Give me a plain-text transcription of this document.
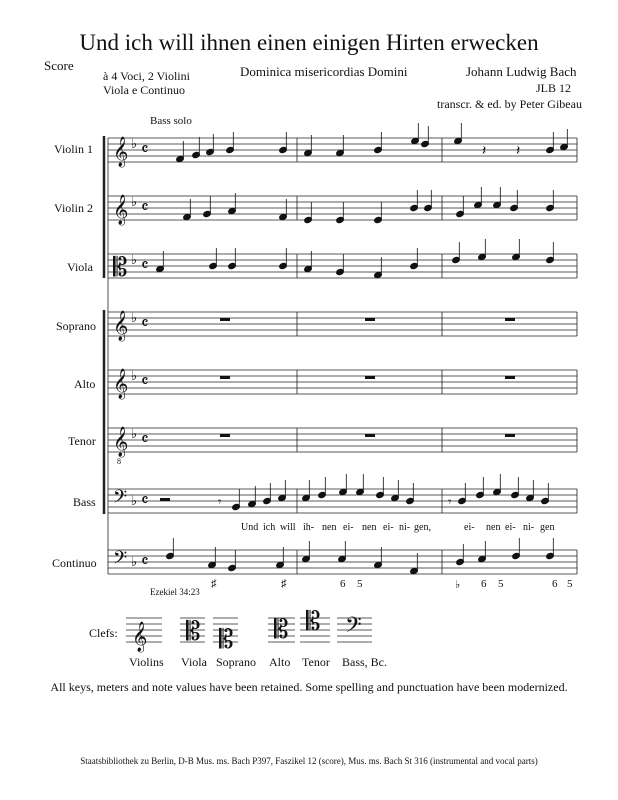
Und ich will ihnen einen einigen Hirten erwecken
Score
à 4 Voci, 2 Violini
Viola e Continuo
Dominica misericordias Domini	Johann Ludwig Bach
JLB 12
transcr. & ed. by Peter Gibeau
Violin 1
Violin 2
Viola
Soprano
Alto
Tenor
Bass
Continuo
Bass solo
𝄞 ♭ 𝄴
𝄞 ♭ 𝄴
𝄡 ♭ 𝄴
𝄞 ♭ 𝄴
𝄞 ♭ 𝄴
𝄞 ♭ 𝄴
𝄢 ♭ 𝄴
𝄢 ♭ 𝄴
8
𝄾	𝄾
𝄽 𝄽
Und ich will ih- nen ei- nen ei- ni- gen,	ei- nen ei- ni- gen
♯	♯	6 5	♭ 6 5	6 5
Ezekiel 34:23
Clefs: 𝄞 𝄡 𝄡 𝄡 𝄡 𝄢
Violins Viola Soprano Alto Tenor Bass, Bc.
All keys, meters and note values have been retained. Some spelling and punctuation have been modernized.
Staatsbibliothek zu Berlin, D-B Mus. ms. Bach P397, Faszikel 12 (score), Mus. ms. Bach St 316 (instrumental and vocal parts)
